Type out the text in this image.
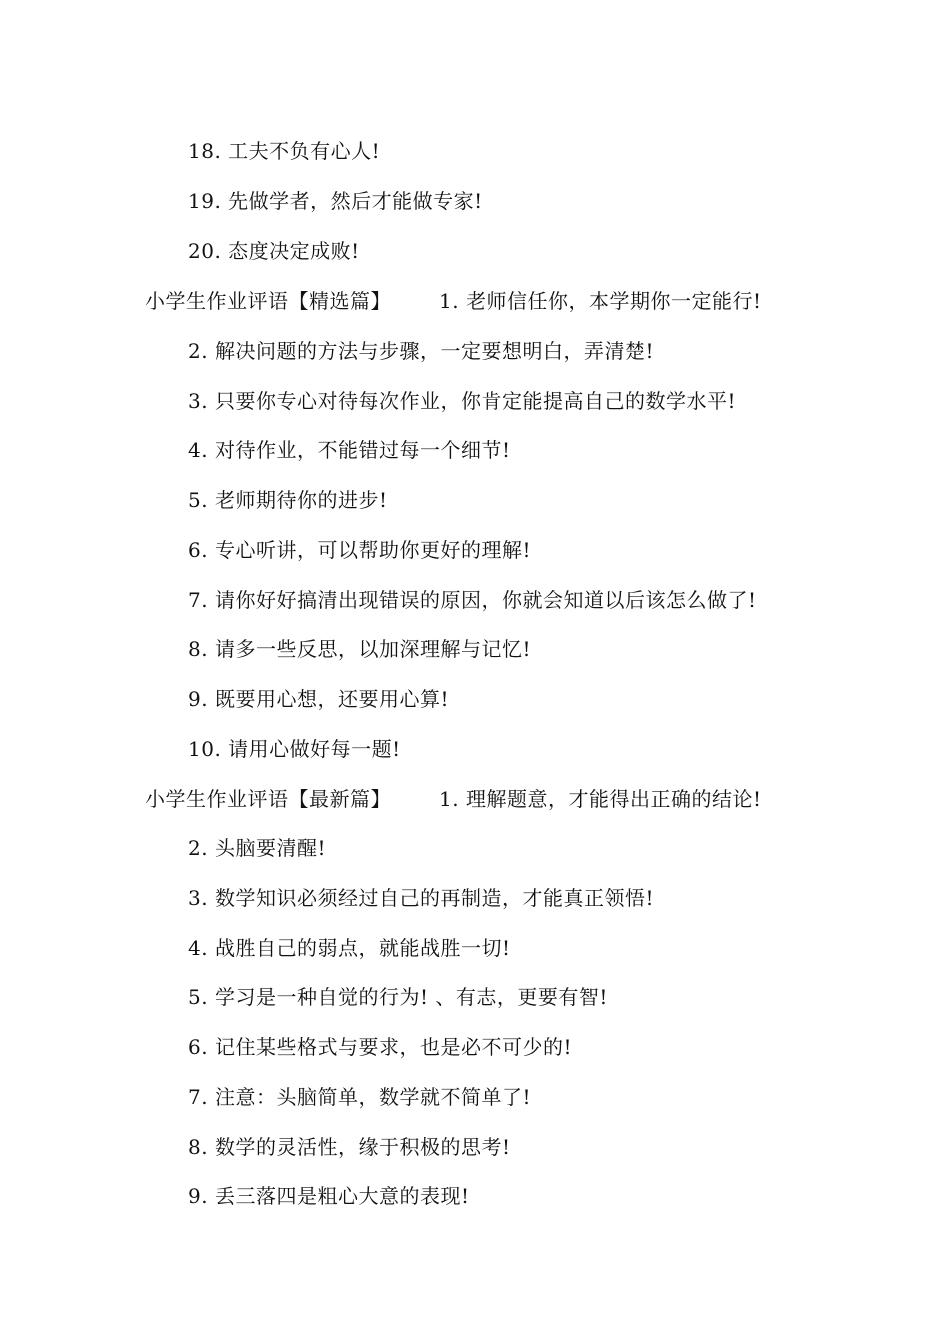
18. 工夫不负有心人!
19. 先做学者，然后才能做专家!
20. 态度决定成败!
小学生作业评语【精选篇】 1. 老师信任你，本学期你一定能行!
2. 解决问题的方法与步骤，一定要想明白，弄清楚!
3. 只要你专心对待每次作业，你肯定能提高自己的数学水平!
4. 对待作业，不能错过每一个细节!
5. 老师期待你的进步!
6. 专心听讲，可以帮助你更好的理解!
7. 请你好好搞清出现错误的原因，你就会知道以后该怎么做了!
8. 请多一些反思，以加深理解与记忆!
9. 既要用心想，还要用心算!
10. 请用心做好每一题!
小学生作业评语【最新篇】 1. 理解题意，才能得出正确的结论!
2. 头脑要清醒!
3. 数学知识必须经过自己的再制造，才能真正领悟!
4. 战胜自己的弱点，就能战胜一切!
5. 学习是一种自觉的行为! 、有志，更要有智!
6. 记住某些格式与要求，也是必不可少的!
7. 注意：头脑简单，数学就不简单了!
8. 数学的灵活性，缘于积极的思考!
9. 丢三落四是粗心大意的表现!
